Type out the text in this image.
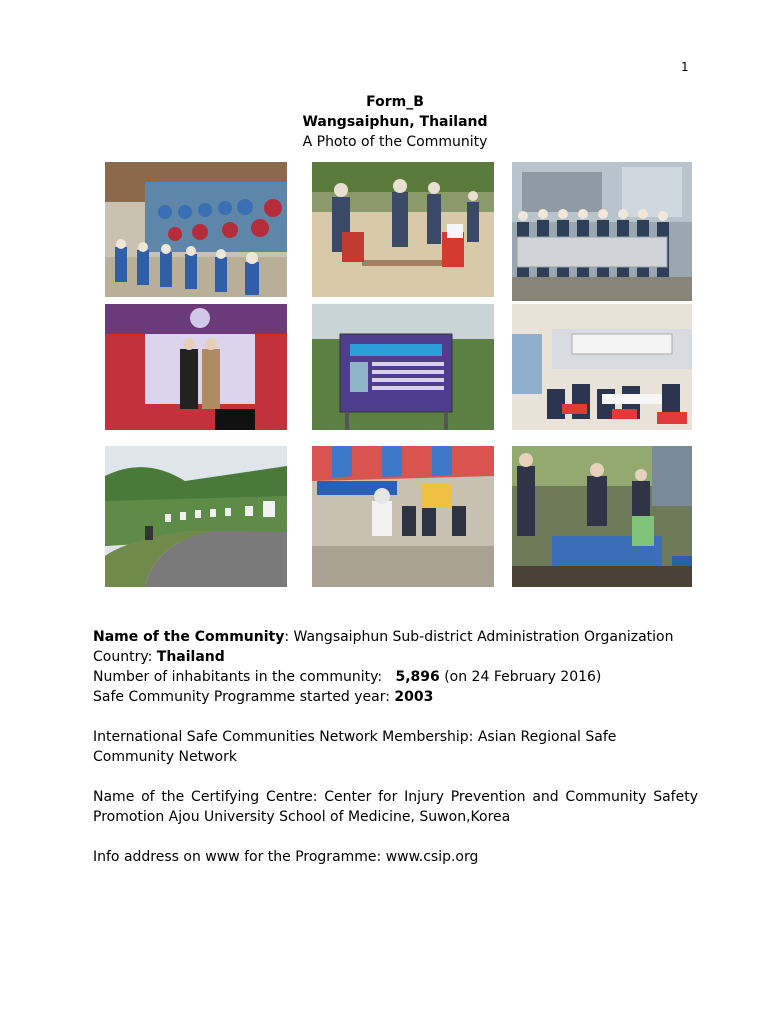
1
Form_B
Wangsaiphun, Thailand
A Photo of the Community

Name of the Community: Wangsaiphun Sub-district Administration Organization

Country: Thailand

Number of inhabitants in the community: 5,896 (on 24 February 2016)

Safe Community Programme started year: 2003

International Safe Communities Network Membership: Asian Regional Safe Community Network

Name of the Certifying Centre: Center for Injury Prevention and Community Safety Promotion Ajou University School of Medicine, Suwon,Korea

Info address on www for the Programme: www.csip.org
